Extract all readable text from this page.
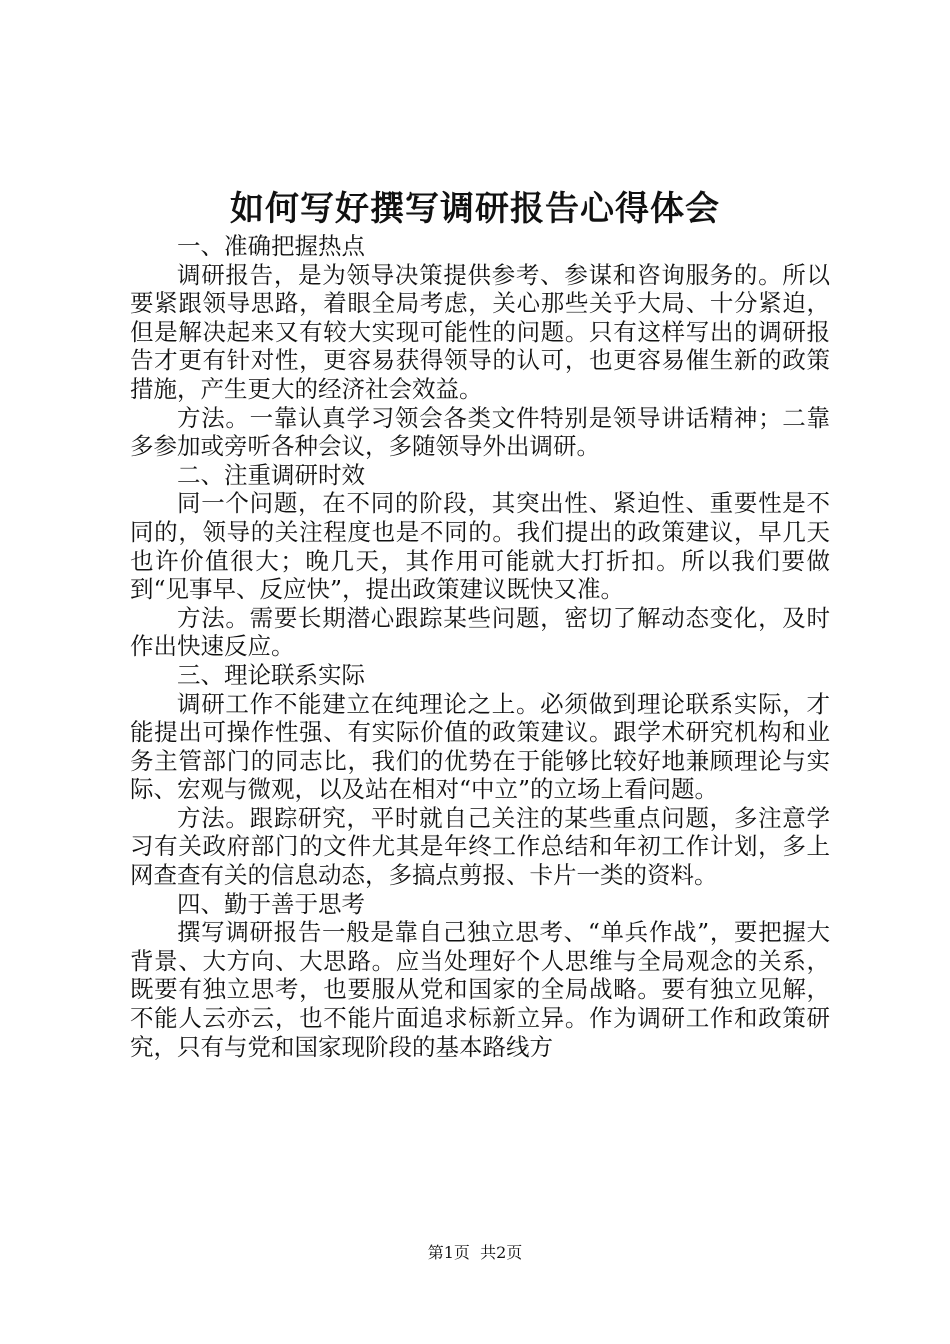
如何写好撰写调研报告心得体会

一、准确把握热点

调研报告，是为领导决策提供参考、参谋和咨询服务的。所以要紧跟领导思路，着眼全局考虑，关心那些关乎大局、十分紧迫，但是解决起来又有较大实现可能性的问题。只有这样写出的调研报告才更有针对性，更容易获得领导的认可，也更容易催生新的政策措施，产生更大的经济社会效益。

方法。一靠认真学习领会各类文件特别是领导讲话精神；二靠多参加或旁听各种会议，多随领导外出调研。

二、注重调研时效

同一个问题，在不同的阶段，其突出性、紧迫性、重要性是不同的，领导的关注程度也是不同的。我们提出的政策建议，早几天也许价值很大；晚几天，其作用可能就大打折扣。所以我们要做到“见事早、反应快”，提出政策建议既快又准。

方法。需要长期潜心跟踪某些问题，密切了解动态变化，及时作出快速反应。

三、理论联系实际

调研工作不能建立在纯理论之上。必须做到理论联系实际，才能提出可操作性强、有实际价值的政策建议。跟学术研究机构和业务主管部门的同志比，我们的优势在于能够比较好地兼顾理论与实际、宏观与微观，以及站在相对“中立”的立场上看问题。

方法。跟踪研究，平时就自己关注的某些重点问题，多注意学习有关政府部门的文件尤其是年终工作总结和年初工作计划，多上网查查有关的信息动态，多搞点剪报、卡片一类的资料。

四、勤于善于思考

撰写调研报告一般是靠自己独立思考、“单兵作战”，要把握大背景、大方向、大思路。应当处理好个人思维与全局观念的关系，既要有独立思考，也要服从党和国家的全局战略。要有独立见解，不能人云亦云，也不能片面追求标新立异。作为调研工作和政策研究，只有与党和国家现阶段的基本路线方

第1页 共2页
